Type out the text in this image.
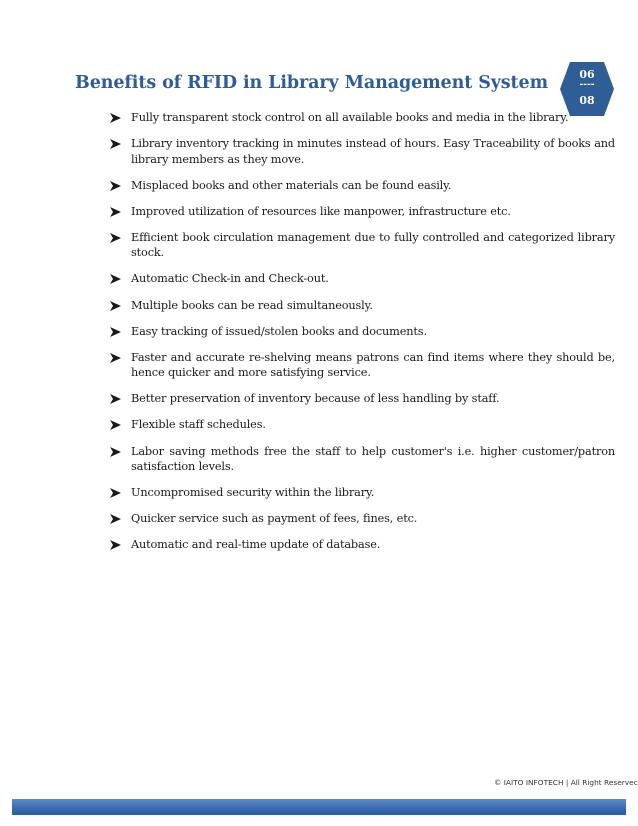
Benefits of RFID in Library Management System	06
----
08
Fully transparent stock control on all available books and media in the library.
Library inventory tracking in minutes instead of hours. Easy Traceability of books and library members as they move.
Misplaced books and other materials can be found easily.
Improved utilization of resources like manpower, infrastructure etc.
Efficient book circulation management due to fully controlled and categorized library stock.
Automatic Check-in and Check-out.
Multiple books can be read simultaneously.
Easy tracking of issued/stolen books and documents.
Faster and accurate re-shelving means patrons can find items where they should be, hence quicker and more satisfying service.
Better preservation of inventory because of less handling by staff.
Flexible staff schedules.
Labor saving methods free the staff to help customer's i.e. higher customer/patron satisfaction levels.
Uncompromised security within the library.
Quicker service such as payment of fees, fines, etc.
Automatic and real-time update of database.
© IAITO INFOTECH | All Right Reservec
